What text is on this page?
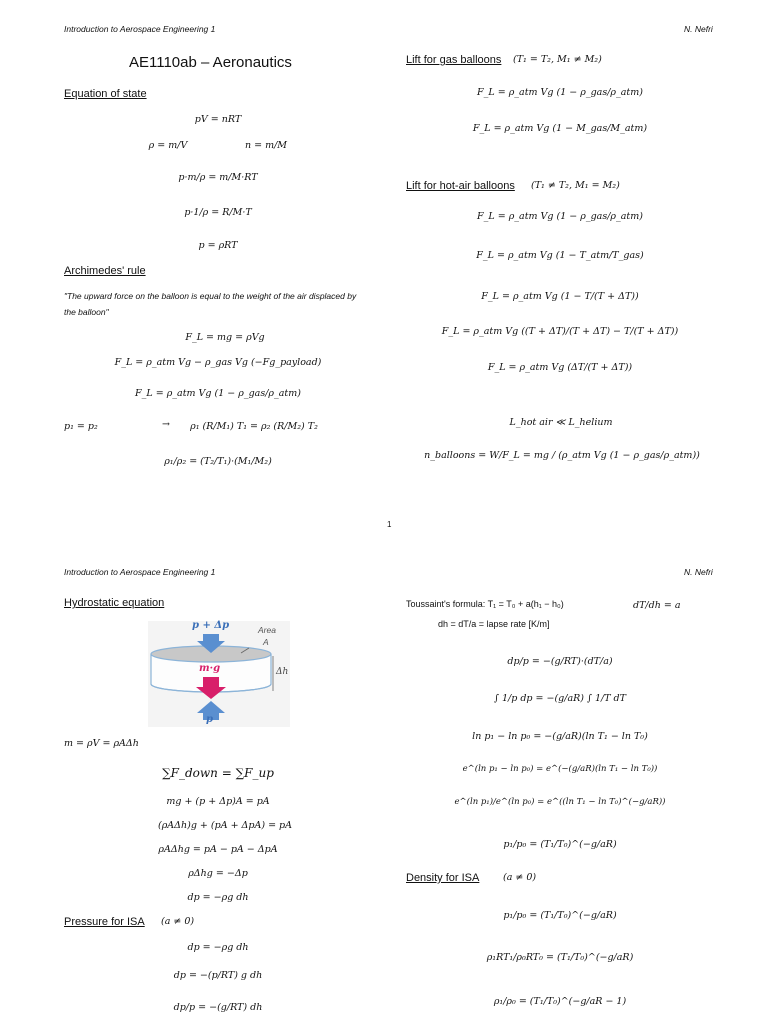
Introduction to Aerospace Engineering 1	N. Nefri
AE1110ab – Aeronautics
Equation of state
pV = nRT
ρ = m/V	n = m/M
p·m/ρ = m/M·RT
p·1/ρ = R/M·T
p = ρRT
Archimedes' rule
"The upward force on the balloon is equal to the weight of the air displaced by the balloon"
F_L = mg = ρVg
F_L = ρ_atm Vg − ρ_gas Vg (−Fg_payload)
F_L = ρ_atm Vg (1 − ρ_gas/ρ_atm)
p₁ = p₂	→ ρ₁ (R/M₁) T₁ = ρ₂ (R/M₂) T₂
ρ₁/ρ₂ = (T₂/T₁)·(M₁/M₂)
Lift for gas balloons (T₁ = T₂, M₁ ≠ M₂)
F_L = ρ_atm Vg (1 − ρ_gas/ρ_atm)
F_L = ρ_atm Vg (1 − M_gas/M_atm)
Lift for hot-air balloons (T₁ ≠ T₂, M₁ = M₂)
F_L = ρ_atm Vg (1 − ρ_gas/ρ_atm)
F_L = ρ_atm Vg (1 − T_atm/T_gas)
F_L = ρ_atm Vg (1 − T/(T + ΔT))
F_L = ρ_atm Vg ((T + ΔT)/(T + ΔT) − T/(T + ΔT))
F_L = ρ_atm Vg (ΔT/(T + ΔT))
L_hot air ≪ L_helium
n_balloons = W/F_L = mg / (ρ_atm Vg (1 − ρ_gas/ρ_atm))
1
Introduction to Aerospace Engineering 1	N. Nefri
Hydrostatic equation
p + Δp	Area
A
m·g	Δh
p
m = ρV = ρAΔh
∑F_down = ∑F_up
mg + (p + Δp)A = pA
(ρAΔh)g + (pA + ΔpA) = pA
ρAΔhg = pA − pA − ΔpA
ρΔhg = −Δp
dp = −ρg dh
Pressure for ISA (a ≠ 0)
dp = −ρg dh
dp = −(p/RT) g dh
dp/p = −(g/RT) dh
Toussaint's formula: T₁ = T₀ + a(h₁ − h₀)	dT/dh = a
dh = dT/a = lapse rate [K/m]
dp/p = −(g/RT)·(dT/a)
∫ 1/p dp = −(g/aR) ∫ 1/T dT
ln p₁ − ln p₀ = −(g/aR)(ln T₁ − ln T₀)
e^(ln p₁ − ln p₀) = e^(−(g/aR)(ln T₁ − ln T₀))
e^(ln p₁)/e^(ln p₀) = e^((ln T₁ − ln T₀)^(−g/aR))
p₁/p₀ = (T₁/T₀)^(−g/aR)
Density for ISA (a ≠ 0)
p₁/p₀ = (T₁/T₀)^(−g/aR)
ρ₁RT₁/ρ₀RT₀ = (T₁/T₀)^(−g/aR)
ρ₁/ρ₀ = (T₁/T₀)^(−g/aR − 1)
